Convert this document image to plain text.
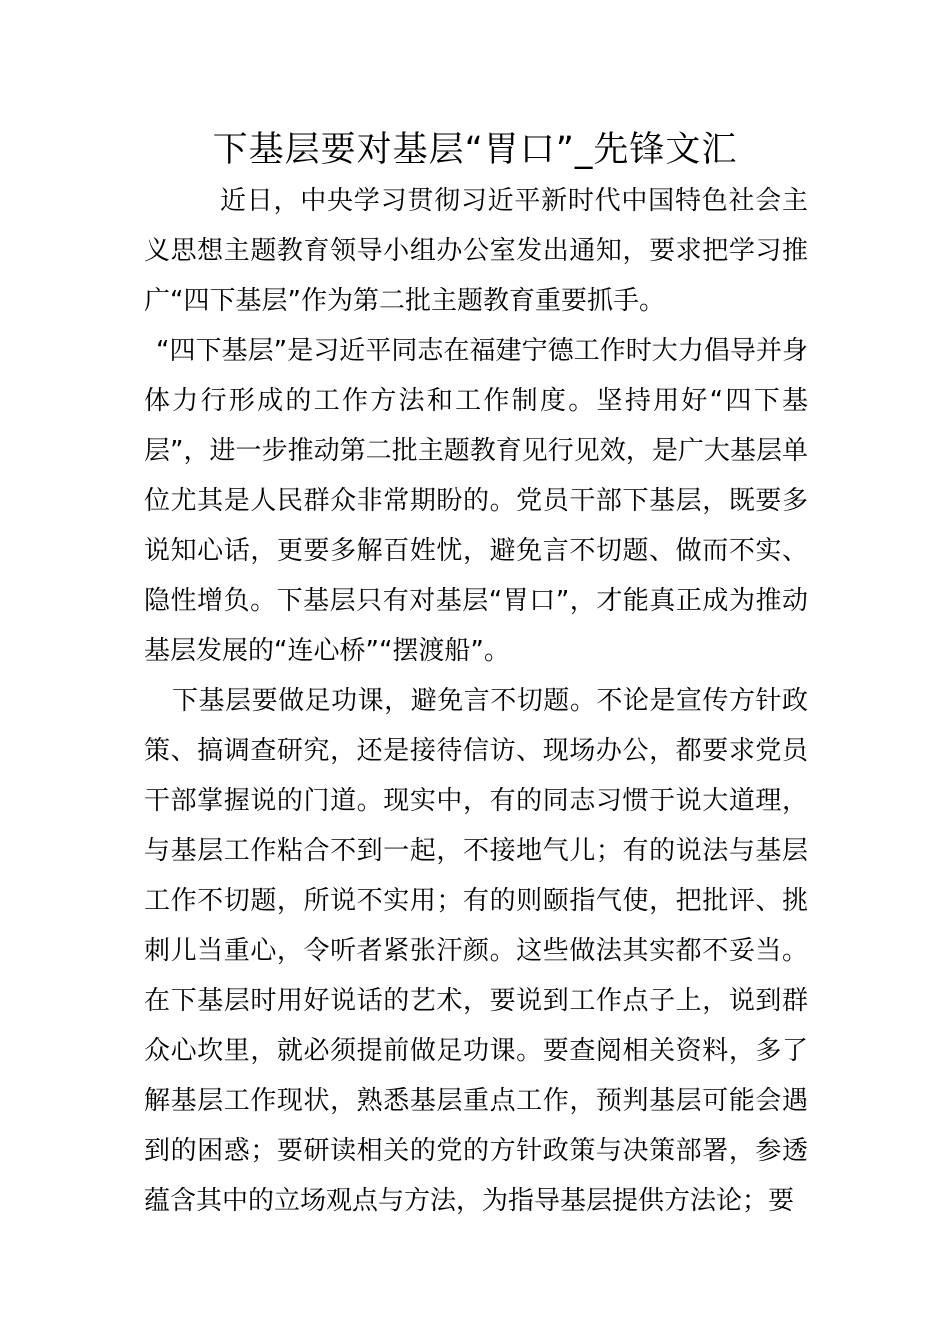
下基层要对基层“胃口”_先锋文汇

近日，中央学习贯彻习近平新时代中国特色社会主义思想主题教育领导小组办公室发出通知，要求把学习推广“四下基层”作为第二批主题教育重要抓手。

“四下基层”是习近平同志在福建宁德工作时大力倡导并身体力行形成的工作方法和工作制度。坚持用好“四下基层”，进一步推动第二批主题教育见行见效，是广大基层单位尤其是人民群众非常期盼的。党员干部下基层，既要多说知心话，更要多解百姓忧，避免言不切题、做而不实、隐性增负。下基层只有对基层“胃口”，才能真正成为推动基层发展的“连心桥”“摆渡船”。

下基层要做足功课，避免言不切题。不论是宣传方针政策、搞调查研究，还是接待信访、现场办公，都要求党员干部掌握说的门道。现实中，有的同志习惯于说大道理，与基层工作粘合不到一起，不接地气儿；有的说法与基层工作不切题，所说不实用；有的则颐指气使，把批评、挑刺儿当重心，令听者紧张汗颜。这些做法其实都不妥当。在下基层时用好说话的艺术，要说到工作点子上，说到群众心坎里，就必须提前做足功课。要查阅相关资料，多了解基层工作现状，熟悉基层重点工作，预判基层可能会遇到的困惑；要研读相关的党的方针政策与决策部署，参透蕴含其中的立场观点与方法，为指导基层提供方法论；要
